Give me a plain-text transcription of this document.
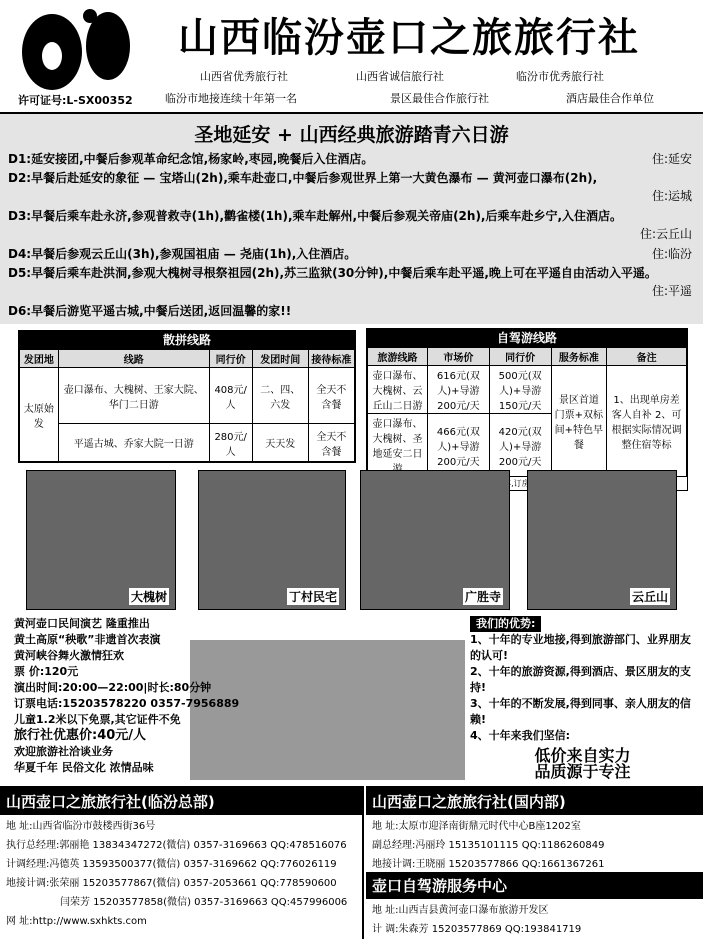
山西临汾壶口之旅旅行社
山西省优秀旅行社	山西省诚信旅行社	临汾市优秀旅行社
许可证号:L-SX00352	临汾市地接连续十年第一名	景区最佳合作旅行社	酒店最佳合作单位
圣地延安 + 山西经典旅游踏青六日游
D1:延安接团,中餐后参观革命纪念馆,杨家岭,枣园,晚餐后入住酒店。	住:延安
D2:早餐后赴延安的象征 — 宝塔山(2h),乘车赴壶口,中餐后参观世界上第一大黄色瀑布 — 黄河壶口瀑布(2h),
住:运城
D3:早餐后乘车赴永济,参观普救寺(1h),鹳雀楼(1h),乘车赴解州,中餐后参观关帝庙(2h),后乘车赴乡宁,入住酒店。
住:云丘山
D4:早餐后参观云丘山(3h),参观国祖庙 — 尧庙(1h),入住酒店。	住:临汾
D5:早餐后乘车赴洪洞,参观大槐树寻根祭祖园(2h),苏三监狱(30分钟),中餐后乘车赴平遥,晚上可在平遥自由活动入平遥。
住:平遥
D6:早餐后游览平遥古城,中餐后送团,返回温馨的家!!
散拼线路
发团地	线路	同行价	发团时间	接待标准
太原始发	壶口瀑布、大槐树、王家大院、华门二日游	408元/人	二、四、六发	全天不含餐
	平遥古城、乔家大院一日游	280元/人	天天发	全天不含餐
自驾游线路
旅游线路	市场价	同行价	服务标准	备注
壶口瀑布、大槐树、云丘山二日游	616元(双人)+导游200元/天	500元(双人)+导游150元/天	景区首道门票+双标间+特色早餐	1、出现单房差客人自补 2、可根据实际情况调整住宿等标
壶口瀑布、大槐树、圣地延安二日	466元(双人)+导游200元/天	420元(双人)+导游200元/天		
大槐树	丁村民宅	广胜寺	云丘山
黄河壶口民间演艺 隆重推出
黄土高原“秧歌”非遗首次表演
黄河峡谷舞火激情狂欢
票 价:120元
演出时间:20:00—22:00|时长:80分钟
订票电话:15203578220 0357-7956889
儿童1.2米以下免票,其它证件不免
旅行社优惠价:40元/人
欢迎旅游社洽谈业务
华夏千年 民俗文化 浓情品味
我们的优势:
1、十年的专业地接,得到旅游部门、业界朋友的认可!
2、十年的旅游资源,得到酒店、景区朋友的支持!
3、十年的不断发展,得到同事、亲人朋友的信赖!
4、十年来我们坚信:
低价来自实力
品质源于专注
山西壶口之旅旅行社(临汾总部)
地 址:山西省临汾市鼓楼西街36号
执行总经理:郭丽艳 13834347272(微信) 0357-3169663 QQ:478516076
计调经理:冯德英 13593500377(微信) 0357-3169662 QQ:776026119
地接计调:张荣丽 15203577867(微信) 0357-2053661 QQ:778590600
闫荣芳 15203577858(微信) 0357-3169663 QQ:457996006
网 址:http://www.sxhkts.com
山西壶口之旅旅行社(国内部)
地 址:太原市迎泽南街鼎元时代中心B座1202室
副总经理:冯丽玲 15135101115 QQ:1186260849
地接计调:王晓丽 15203577866 QQ:1661367261
壶口自驾游服务中心
地 址:山西吉县黄河壶口瀑布旅游开发区
计 调:朱森芳 15203577869 QQ:193841719
